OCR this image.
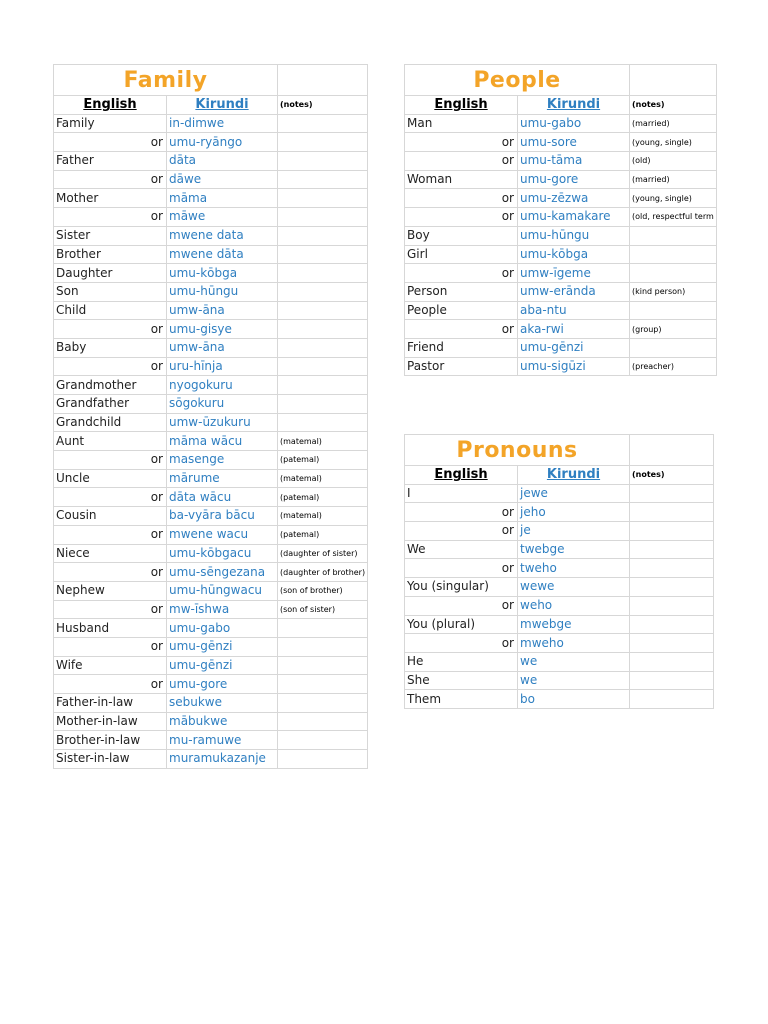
Family		
English	Kirundi	(notes)
Family	in-dimwe	
or	umu-ryāngo	
Father	dāta	
or	dāwe	
Mother	māma	
or	māwe	
Sister	mwene data	
Brother	mwene dāta	
Daughter	umu-kōbga	
Son	umu-hūngu	
Child	umw-āna	
or	umu-gisye	
Baby	umw-āna	
or	uru-hīnja	
Grandmother	nyogokuru	
Grandfather	sōgokuru	
Grandchild	umw-ūzukuru	
Aunt	māma wācu	(matemal)
or	masenge	(patemal)
Uncle	mārume	(matemal)
or	dāta wācu	(patemal)
Cousin	ba-vyāra bācu	(matemal)
or	mwene wacu	(patemal)
Niece	umu-kōbgacu	(daughter of sister)
or	umu-sēngezana	(daughter of brother)
Nephew	umu-hūngwacu	(son of brother)
or	mw-īshwa	(son of sister)
Husband	umu-gabo	
or	umu-gēnzi	
Wife	umu-gēnzi	
or	umu-gore	
Father-in-law	sebukwe	
Mother-in-law	mābukwe	
Brother-in-law	mu-ramuwe	
Sister-in-law	muramukazanje	
People		
English	Kirundi	(notes)
Man	umu-gabo	(married)
or	umu-sore	(young, single)
or	umu-tāma	(old)
Woman	umu-gore	(married)
or	umu-zēzwa	(young, single)
or	umu-kamakare	(old, respectful term
Boy	umu-hūngu	
Girl	umu-kōbga	
or	umw-īgeme	
Person	umw-erānda	(kind person)
People	aba-ntu	
or	aka-rwi	(group)
Friend	umu-gēnzi	
Pastor	umu-sigūzi	(preacher)
Pronouns		
English	Kirundi	(notes)
I	jewe	
or	jeho	
or	je	
We	twebge	
or	tweho	
You (singular)	wewe	
or	weho	
You (plural)	mwebge	
or	mweho	
He	we	
She	we	
Them	bo	
